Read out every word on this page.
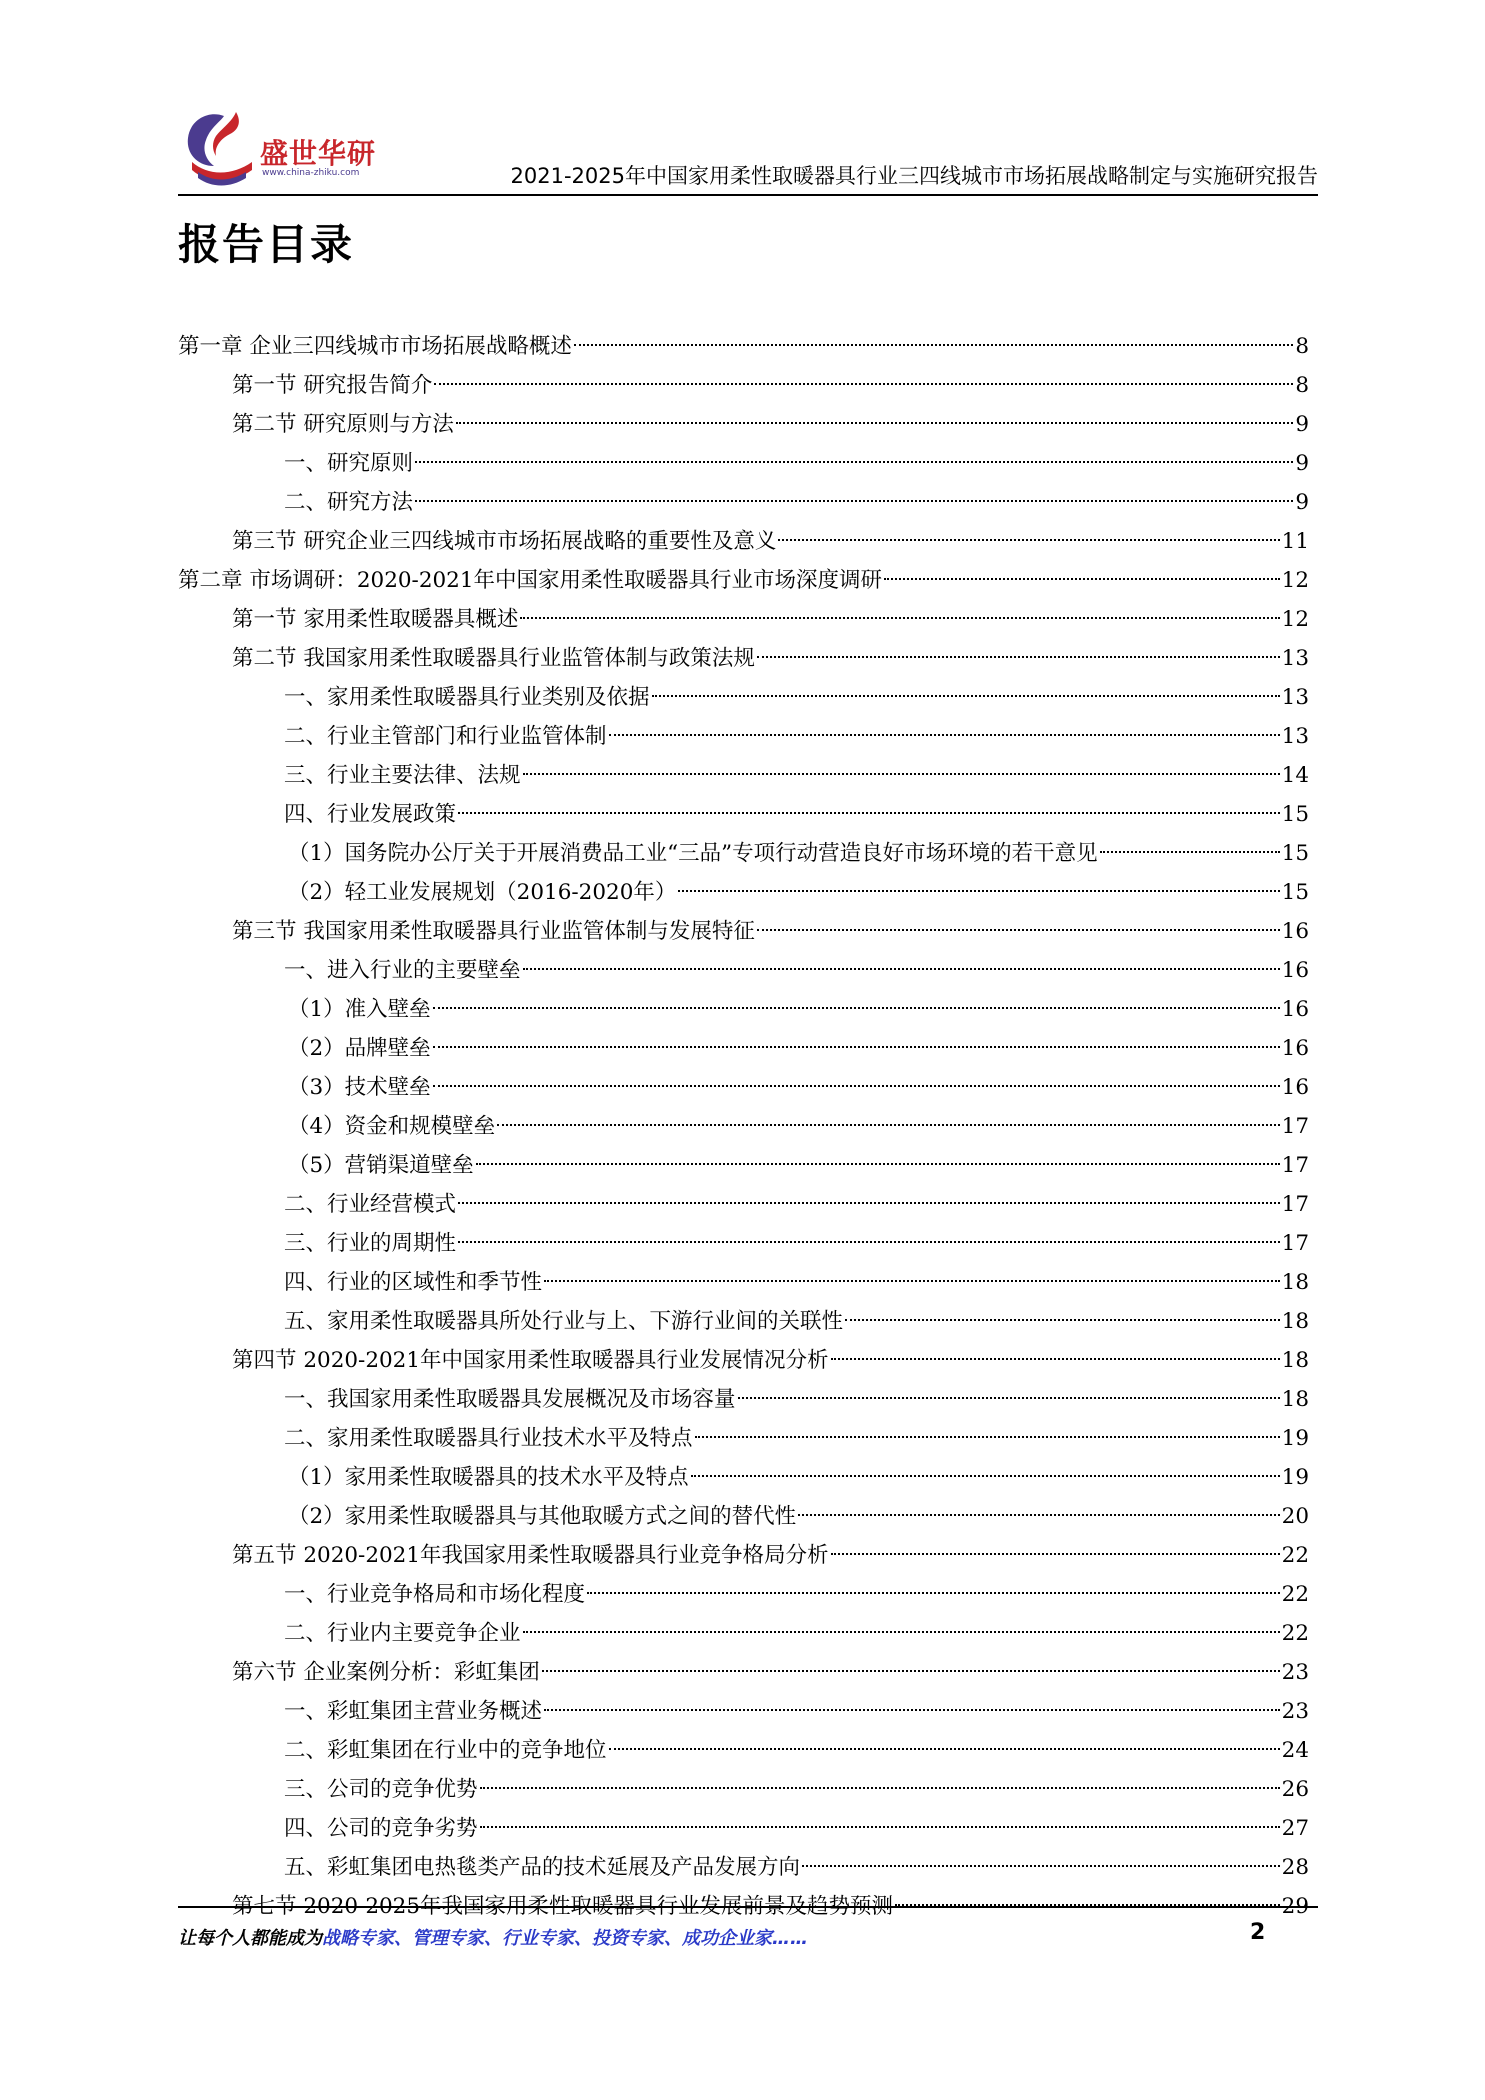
盛世华研
www.china-zhiku.com	2021-2025年中国家用柔性取暖器具行业三四线城市市场拓展战略制定与实施研究报告
报告目录
第一章 企业三四线城市市场拓展战略概述	8
第一节 研究报告简介	8
第二节 研究原则与方法	9
一、研究原则	9
二、研究方法	9
第三节 研究企业三四线城市市场拓展战略的重要性及意义	11
第二章 市场调研：2020-2021年中国家用柔性取暖器具行业市场深度调研	12
第一节 家用柔性取暖器具概述	12
第二节 我国家用柔性取暖器具行业监管体制与政策法规	13
一、家用柔性取暖器具行业类别及依据	13
二、行业主管部门和行业监管体制	13
三、行业主要法律、法规	14
四、行业发展政策	15
（1）国务院办公厅关于开展消费品工业“三品”专项行动营造良好市场环境的若干意见	15
（2）轻工业发展规划（2016-2020年）	15
第三节 我国家用柔性取暖器具行业监管体制与发展特征	16
一、进入行业的主要壁垒	16
（1）准入壁垒	16
（2）品牌壁垒	16
（3）技术壁垒	16
（4）资金和规模壁垒	17
（5）营销渠道壁垒	17
二、行业经营模式	17
三、行业的周期性	17
四、行业的区域性和季节性	18
五、家用柔性取暖器具所处行业与上、下游行业间的关联性	18
第四节 2020-2021年中国家用柔性取暖器具行业发展情况分析	18
一、我国家用柔性取暖器具发展概况及市场容量	18
二、家用柔性取暖器具行业技术水平及特点	19
（1）家用柔性取暖器具的技术水平及特点	19
（2）家用柔性取暖器具与其他取暖方式之间的替代性	20
第五节 2020-2021年我国家用柔性取暖器具行业竞争格局分析	22
一、行业竞争格局和市场化程度	22
二、行业内主要竞争企业	22
第六节 企业案例分析：彩虹集团	23
一、彩虹集团主营业务概述	23
二、彩虹集团在行业中的竞争地位	24
三、公司的竞争优势	26
四、公司的竞争劣势	27
五、彩虹集团电热毯类产品的技术延展及产品发展方向	28
第七节 2020-2025年我国家用柔性取暖器具行业发展前景及趋势预测	29
让每个人都能成为战略专家、管理专家、行业专家、投资专家、成功企业家……	2
